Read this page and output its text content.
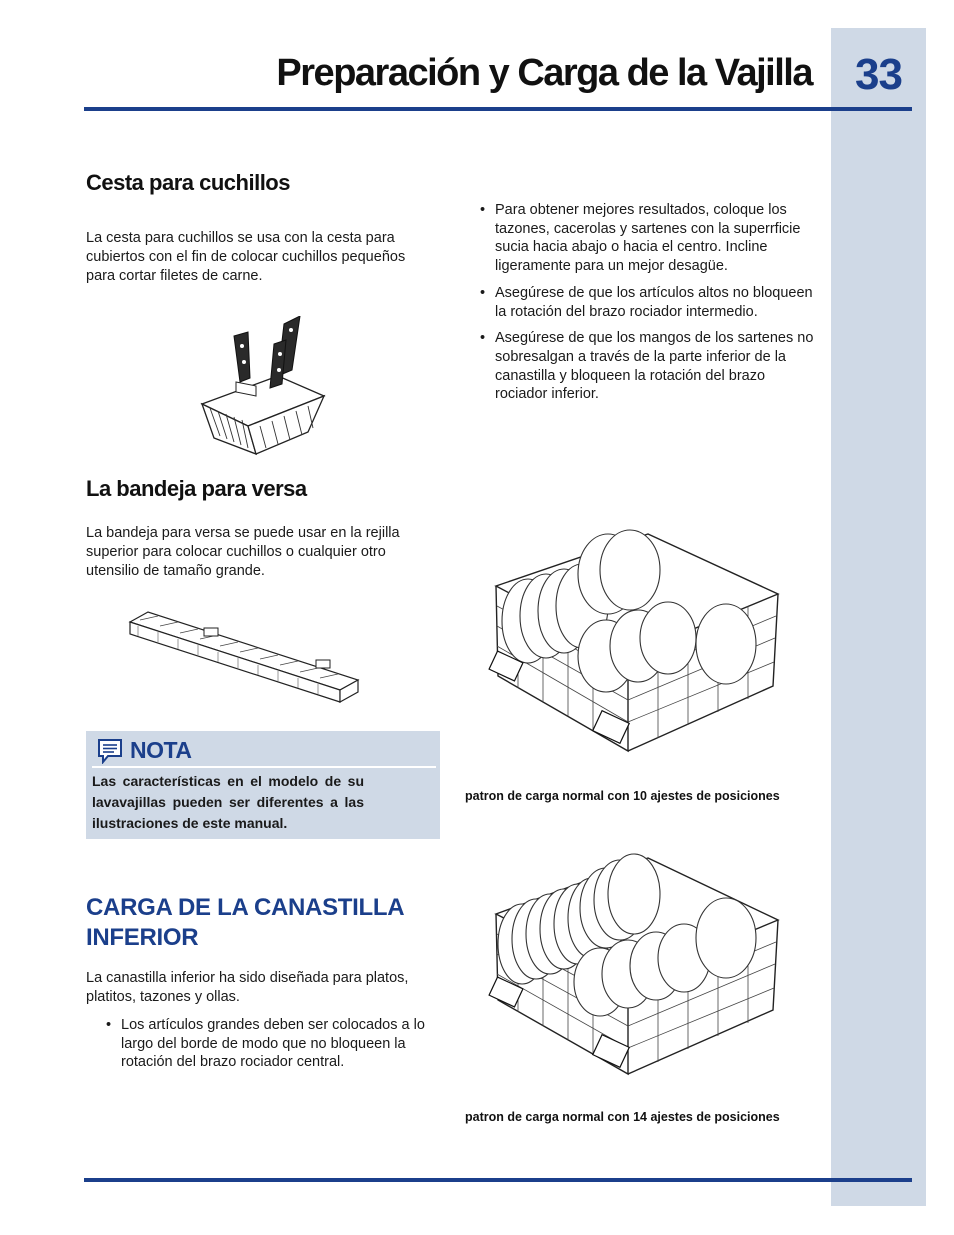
33
Preparación y Carga de la Vajilla
Cesta para cuchillos

La cesta para cuchillos se usa con la cesta para cubiertos con el fin de colocar cuchillos pequeños para cortar filetes de carne.

La bandeja para versa

La bandeja para versa se puede usar en la rejilla superior para colocar cuchillos o cualquier otro utensilio de tamaño grande.

NOTA

Las características en el modelo de su lavavajillas pueden ser diferentes a las ilustraciones de este manual.

CARGA DE LA CANASTILLA INFERIOR

La canastilla inferior ha sido diseñada para platos, platitos, tazones y ollas.

• Los artículos grandes deben ser colocados a lo largo del borde de modo que no bloqueen la rotación del brazo rociador central.
• Para obtener mejores resultados, coloque los tazones, cacerolas y sartenes con la superrficie sucia hacia abajo o hacia el centro. Incline ligeramente para un mejor desagüe.
• Asegúrese de que los artículos altos no bloqueen la rotación del brazo rociador intermedio.
• Asegúrese de que los mangos de los sartenes no sobresalgan a través de la parte inferior de la canastilla y bloqueen la rotación del brazo rociador inferior.
patron de carga normal con 10 ajestes de posiciones
patron de carga normal con 14 ajestes de posiciones
